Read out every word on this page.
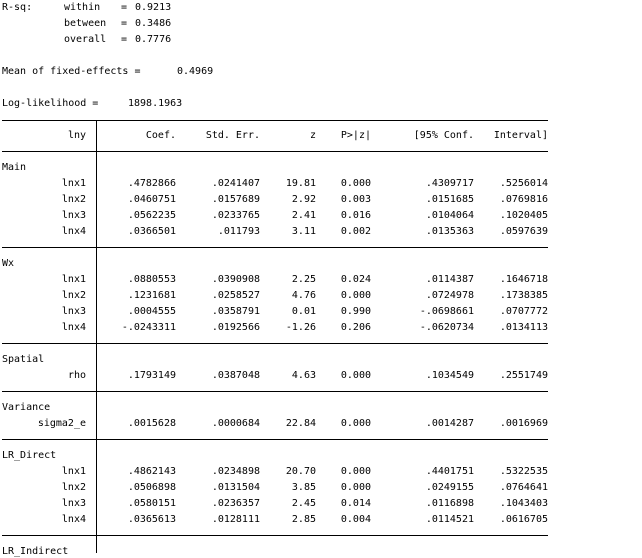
R-sq:	within = 0.9213
between = 0.3486
overall = 0.7776
Mean of fixed-effects =	0.4969
Log-likelihood =	1898.1963
lny	Coef.	Std. Err.	z P>|z|	[95% Conf. Interval]
Main
lnx1	.4782866	.0241407	19.81 0.000	.4309717	.5256014
lnx2	.0460751	.0157689	2.92 0.003	.0151685	.0769816
lnx3	.0562235	.0233765	2.41 0.016	.0104064	.1020405
lnx4	.0366501	.011793	3.11 0.002	.0135363	.0597639
Wx
lnx1	.0880553	.0390908	2.25 0.024	.0114387	.1646718
lnx2	.1231681	.0258527	4.76 0.000	.0724978	.1738385
lnx3	.0004555	.0358791	0.01 0.990	-.0698661	.0707772
lnx4	-.0243311	.0192566	-1.26 0.206	-.0620734	.0134113
Spatial
rho	.1793149	.0387048	4.63 0.000	.1034549	.2551749
Variance
sigma2_e	.0015628	.0000684	22.84 0.000	.0014287	.0016969
LR_Direct
lnx1	.4862143	.0234898	20.70 0.000	.4401751	.5322535
lnx2	.0506898	.0131504	3.85 0.000	.0249155	.0764641
lnx3	.0580151	.0236357	2.45 0.014	.0116898	.1043403
lnx4	.0365613	.0128111	2.85 0.004	.0114521	.0616705
LR_Indirect
